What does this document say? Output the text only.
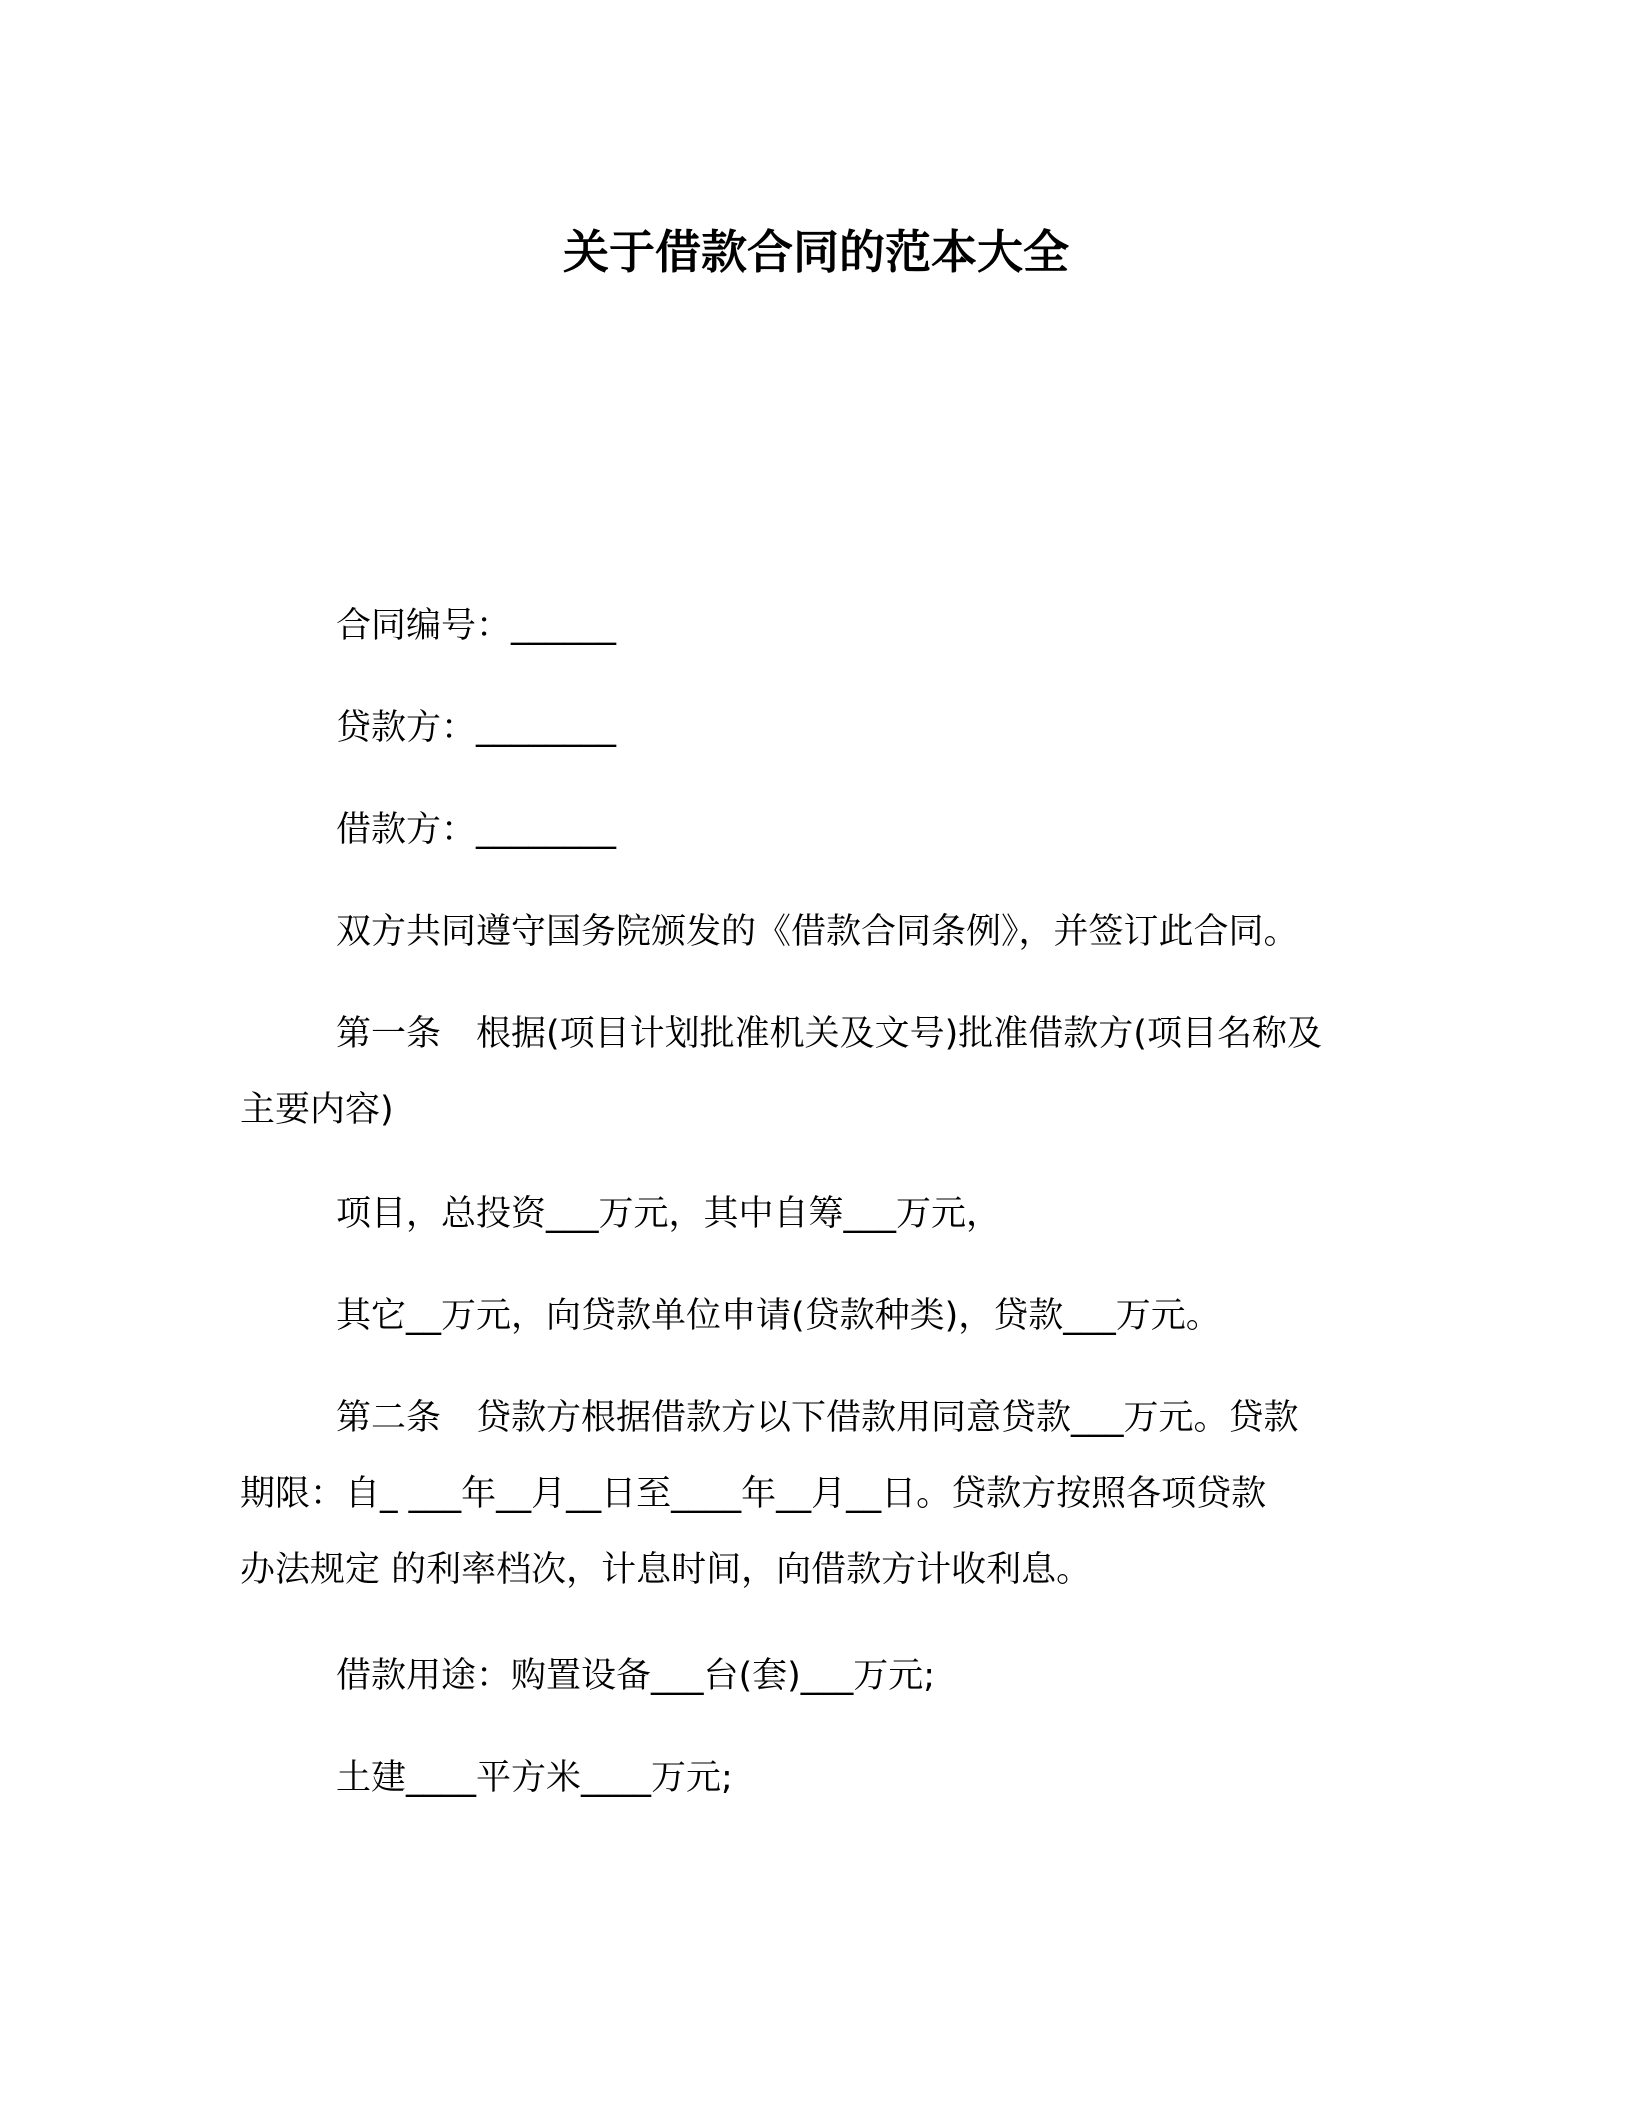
关于借款合同的范本大全
合同编号：______
贷款方：________
借款方：________
双方共同遵守国务院颁发的《借款合同条例》，并签订此合同。
第一条　根据(项目计划批准机关及文号)批准借款方(项目名称及
主要内容)
项目，总投资___万元，其中自筹___万元，
其它__万元，向贷款单位申请(贷款种类)，贷款___万元。
第二条　贷款方根据借款方以下借款用同意贷款___万元。贷款
期限：自_ ___年__月__日至____年__月__日。贷款方按照各项贷款
办法规定 的利率档次，计息时间，向借款方计收利息。
借款用途：购置设备___台(套)___万元;
土建____平方米____万元;
